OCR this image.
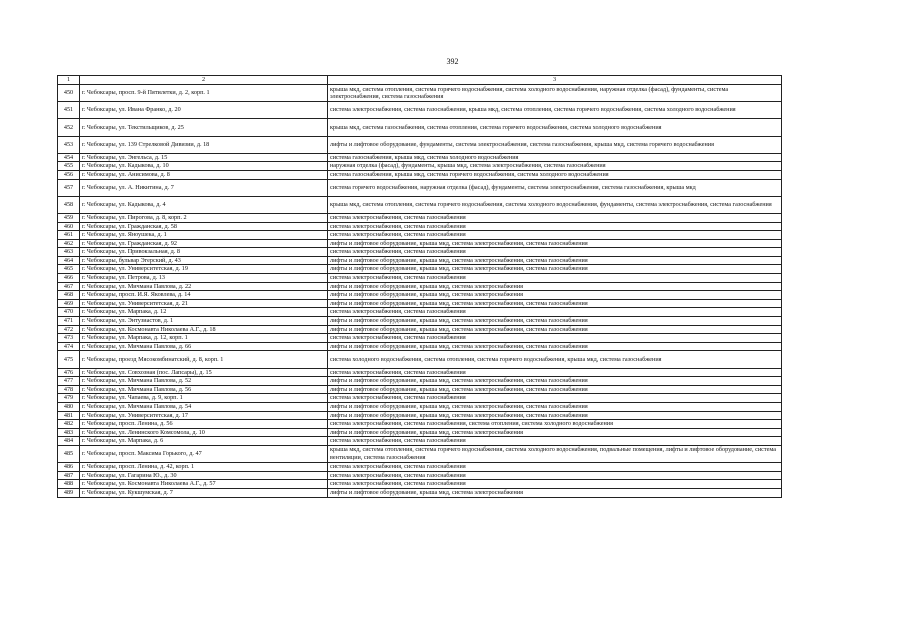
392
1	2	3
450	г. Чебоксары, просп. 9-й Пятилетки, д. 2, корп. 1	крыша мкд, система отопления, система горячего водоснабжения, система холодного водоснабжения, наружная отделка (фасад), фундаменты, система электроснабжения, система газоснабжения
451	г. Чебоксары, ул. Ивана Франко, д. 20	система электроснабжения, система газоснабжения, крыша мкд, система отопления, система горячего водоснабжения, система холодного водоснабжения
452	г. Чебоксары, ул. Текстильщиков, д. 25	крыша мкд, система газоснабжения, система отопления, система горячего водоснабжения, система холодного водоснабжения
453	г. Чебоксары, ул. 139 Стрелковой Дивизии, д. 18	лифты и лифтовое оборудование, фундаменты, система электроснабжения, система газоснабжения, крыша мкд, система горячего водоснабжения
454	г. Чебоксары, ул. Энгельса, д. 15	система газоснабжения, крыша мкд, система холодного водоснабжения
455	г. Чебоксары, ул. Кадыкова, д. 10	наружная отделка (фасад), фундаменты, крыша мкд, система электроснабжения, система газоснабжения
456	г. Чебоксары, ул. Анисимова, д. 8	система газоснабжения, крыша мкд, система горячего водоснабжения, система холодного водоснабжения
457	г. Чебоксары, ул. А. Никитина, д. 7	система горячего водоснабжения, наружная отделка (фасад), фундаменты, система электроснабжения, система газоснабжения, крыша мкд
458	г. Чебоксары, ул. Кадыкова, д. 4	крыша мкд, система отопления, система горячего водоснабжения, система холодного водоснабжения, фундаменты, система электроснабжения, система газоснабжения
459	г. Чебоксары, ул. Пирогова, д. 8, корп. 2	система электроснабжения, система газоснабжения
460	г. Чебоксары, ул. Гражданская, д. 58	система электроснабжения, система газоснабжения
461	г. Чебоксары, ул. Яноушека, д. 1	система электроснабжения, система газоснабжения
462	г. Чебоксары, ул. Гражданская, д. 92	лифты и лифтовое оборудование, крыша мкд, система электроснабжения, система газоснабжения
463	г. Чебоксары, ул. Привокзальная, д. 8	система электроснабжения, система газоснабжения
464	г. Чебоксары, бульвар Эгерский, д. 43	лифты и лифтовое оборудование, крыша мкд, система электроснабжения, система газоснабжения
465	г. Чебоксары, ул. Университетская, д. 19	лифты и лифтовое оборудование, крыша мкд, система электроснабжения, система газоснабжения
466	г. Чебоксары, ул. Петрова, д. 13	система электроснабжения, система газоснабжения
467	г. Чебоксары, ул. Мичмана Павлова, д. 22	лифты и лифтовое оборудование, крыша мкд, система электроснабжения
468	г. Чебоксары, просп. И.Я. Яковлева, д. 14	лифты и лифтовое оборудование, крыша мкд, система электроснабжения
469	г. Чебоксары, ул. Университетская, д. 21	лифты и лифтовое оборудование, крыша мкд, система электроснабжения, система газоснабжения
470	г. Чебоксары, ул. Марпака, д. 12	система электроснабжения, система газоснабжения
471	г. Чебоксары, ул. Энтузиастов, д. 1	лифты и лифтовое оборудование, крыша мкд, система электроснабжения, система газоснабжения
472	г. Чебоксары, ул. Космонавта Николаева А.Г., д. 18	лифты и лифтовое оборудование, крыша мкд, система электроснабжения, система газоснабжения
473	г. Чебоксары, ул. Марпака, д. 12, корп. 1	система электроснабжения, система газоснабжения
474	г. Чебоксары, ул. Мичмана Павлова, д. 66	лифты и лифтовое оборудование, крыша мкд, система электроснабжения, система газоснабжения
475	г. Чебоксары, проезд Мясокомбинатский, д. 8, корп. 1	система холодного водоснабжения, система отопления, система горячего водоснабжения, крыша мкд, система газоснабжения
476	г. Чебоксары, ул. Совхозная (пос. Лапсары), д. 15	система электроснабжения, система газоснабжения
477	г. Чебоксары, ул. Мичмана Павлова, д. 52	лифты и лифтовое оборудование, крыша мкд, система электроснабжения, система газоснабжения
478	г. Чебоксары, ул. Мичмана Павлова, д. 56	лифты и лифтовое оборудование, крыша мкд, система электроснабжения, система газоснабжения
479	г. Чебоксары, ул. Чапаева, д. 9, корп. 1	система электроснабжения, система газоснабжения
480	г. Чебоксары, ул. Мичмана Павлова, д. 54	лифты и лифтовое оборудование, крыша мкд, система электроснабжения, система газоснабжения
481	г. Чебоксары, ул. Университетская, д. 17	лифты и лифтовое оборудование, крыша мкд, система электроснабжения, система газоснабжения
482	г. Чебоксары, просп. Ленина, д. 56	система электроснабжения, система газоснабжения, система отопления, система холодного водоснабжения
483	г. Чебоксары, ул. Ленинского Комсомола, д. 10	лифты и лифтовое оборудование, крыша мкд, система электроснабжения
484	г. Чебоксары, ул. Марпака, д. 6	система электроснабжения, система газоснабжения
485	г. Чебоксары, просп. Максима Горького, д. 47	крыша мкд, система отопления, система горячего водоснабжения, система холодного водоснабжения, подвальные помещения, лифты и лифтовое оборудование, система вентиляции, система газоснабжения
486	г. Чебоксары, просп. Ленина, д. 42, корп. 1	система электроснабжения, система газоснабжения
487	г. Чебоксары, ул. Гагарина Ю., д. 30	система электроснабжения, система газоснабжения
488	г. Чебоксары, ул. Космонавта Николаева А.Г., д. 57	система электроснабжения, система газоснабжения
489	г. Чебоксары, ул. Кукшумская, д. 7	лифты и лифтовое оборудование, крыша мкд, система электроснабжения
